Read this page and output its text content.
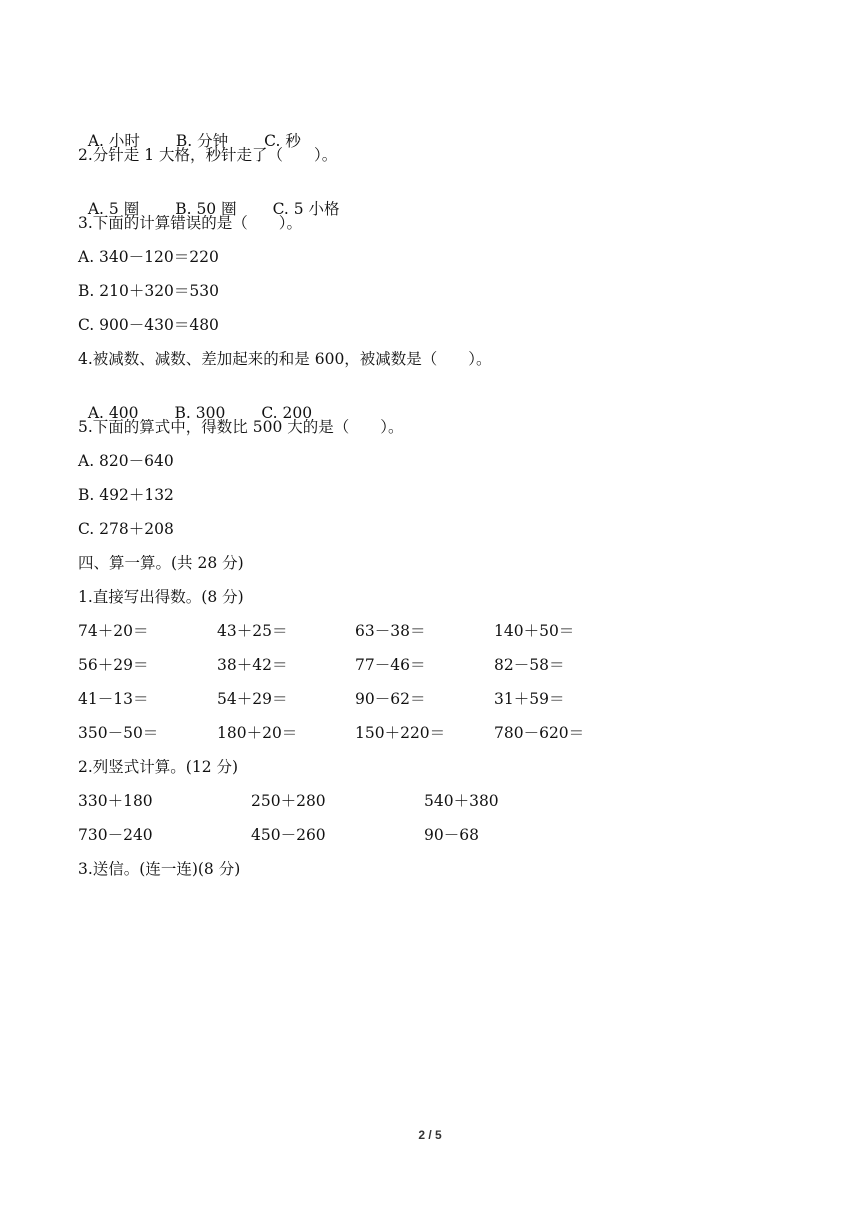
A. 小时 B. 分钟 C. 秒

2.分针走 1 大格，秒针走了（　　）。

A. 5 圈 B. 50 圈 C. 5 小格

3.下面的计算错误的是（　　）。
A. 340－120＝220
B. 210＋320＝530
C. 900－430＝480
4.被减数、减数、差加起来的和是 600，被减数是（　　）。

A. 400 B. 300 C. 200

5.下面的算式中，得数比 500 大的是（　　）。
A. 820－640
B. 492＋132
C. 278＋208
四、算一算。(共 28 分)
1.直接写出得数。(8 分)
74＋20＝	43＋25＝	63－38＝	140＋50＝
56＋29＝	38＋42＝	77－46＝	82－58＝
41－13＝	54＋29＝	90－62＝	31＋59＝
350－50＝	180＋20＝	150＋220＝	780－620＝
2.列竖式计算。(12 分)
330＋180	250＋280	540＋380
730－240	450－260	90－68
3.送信。(连一连)(8 分)
2 / 5
